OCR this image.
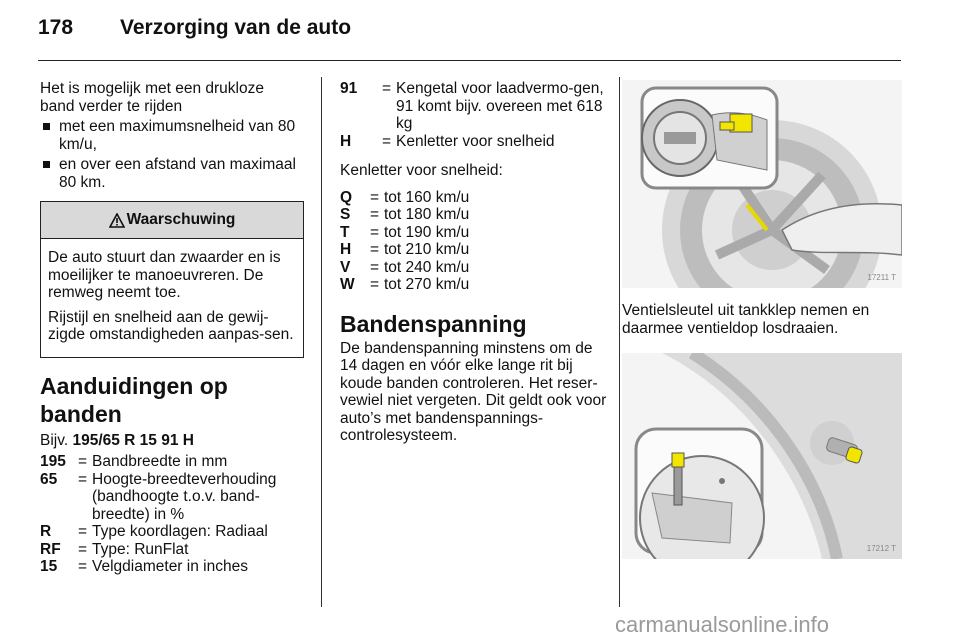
178 Verzorging van de auto

Het is mogelijk met een drukloze band verder te rijden

met een maximumsnelheid van 80 km/u,
en over een afstand van maximaal 80 km.
Waarschuwing

De auto stuurt dan zwaarder en is moeilijker te manoeuvreren. De remweg neemt toe.

Rijstijl en snelheid aan de gewij-zigde omstandigheden aanpas-sen.

Aanduidingen op banden

Bijv. 195/65 R 15 91 H

195 = Bandbreedte in mm
65	= Hoogte-breedteverhouding (bandhoogte t.o.v. band-breedte) in %
R	= Type koordlagen: Radiaal
RF	= Type: RunFlat
15	= Velgdiameter in inches
91	= Kengetal voor laadvermo-gen, 91 komt bijv. overeen met 618 kg
H	= Kenletter voor snelheid

Kenletter voor snelheid:

Q	= tot 160 km/u
S	= tot 180 km/u
T	= tot 190 km/u
H	= tot 210 km/u
V	= tot 240 km/u
W = tot 270 km/u
Bandenspanning

De bandenspanning minstens om de 14 dagen en vóór elke lange rit bij koude banden controleren. Het reser-vewiel niet vergeten. Dit geldt ook voor auto’s met bandenspannings-controlesysteem.

17211 T

Ventielsleutel uit tankklep nemen en daarmee ventieldop losdraaien.

17212 T
carmanualsonline.info
